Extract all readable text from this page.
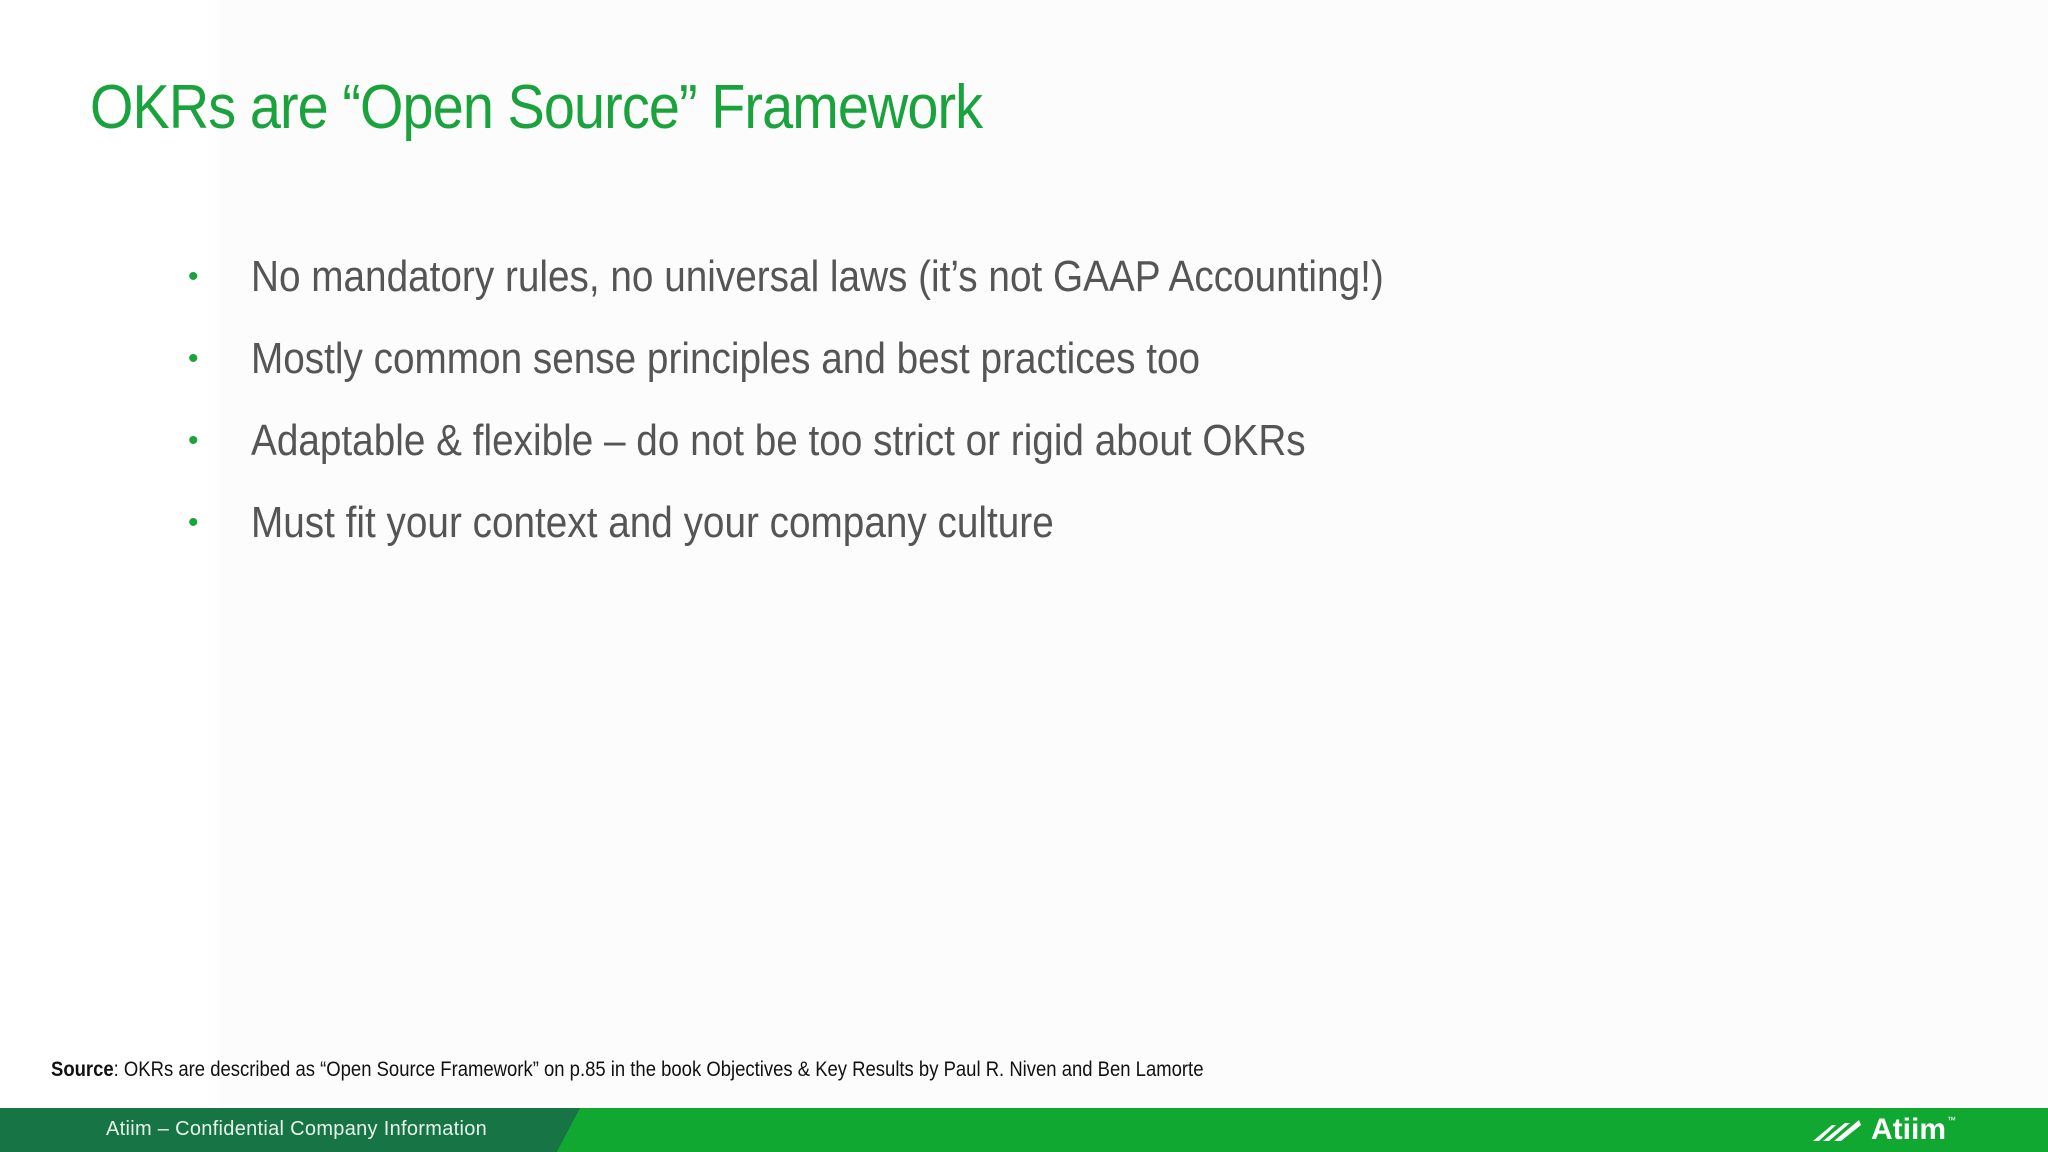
OKRs are “Open Source” Framework
•	No mandatory rules, no universal laws (it’s not GAAP Accounting!)
•	Mostly common sense principles and best practices too
•	Adaptable & flexible – do not be too strict or rigid about OKRs
•	Must fit your context and your company culture
Source: OKRs are described as “Open Source Framework” on p.85 in the book Objectives & Key Results by Paul R. Niven and Ben Lamorte
Atiim – Confidential Company Information	Atiim™
